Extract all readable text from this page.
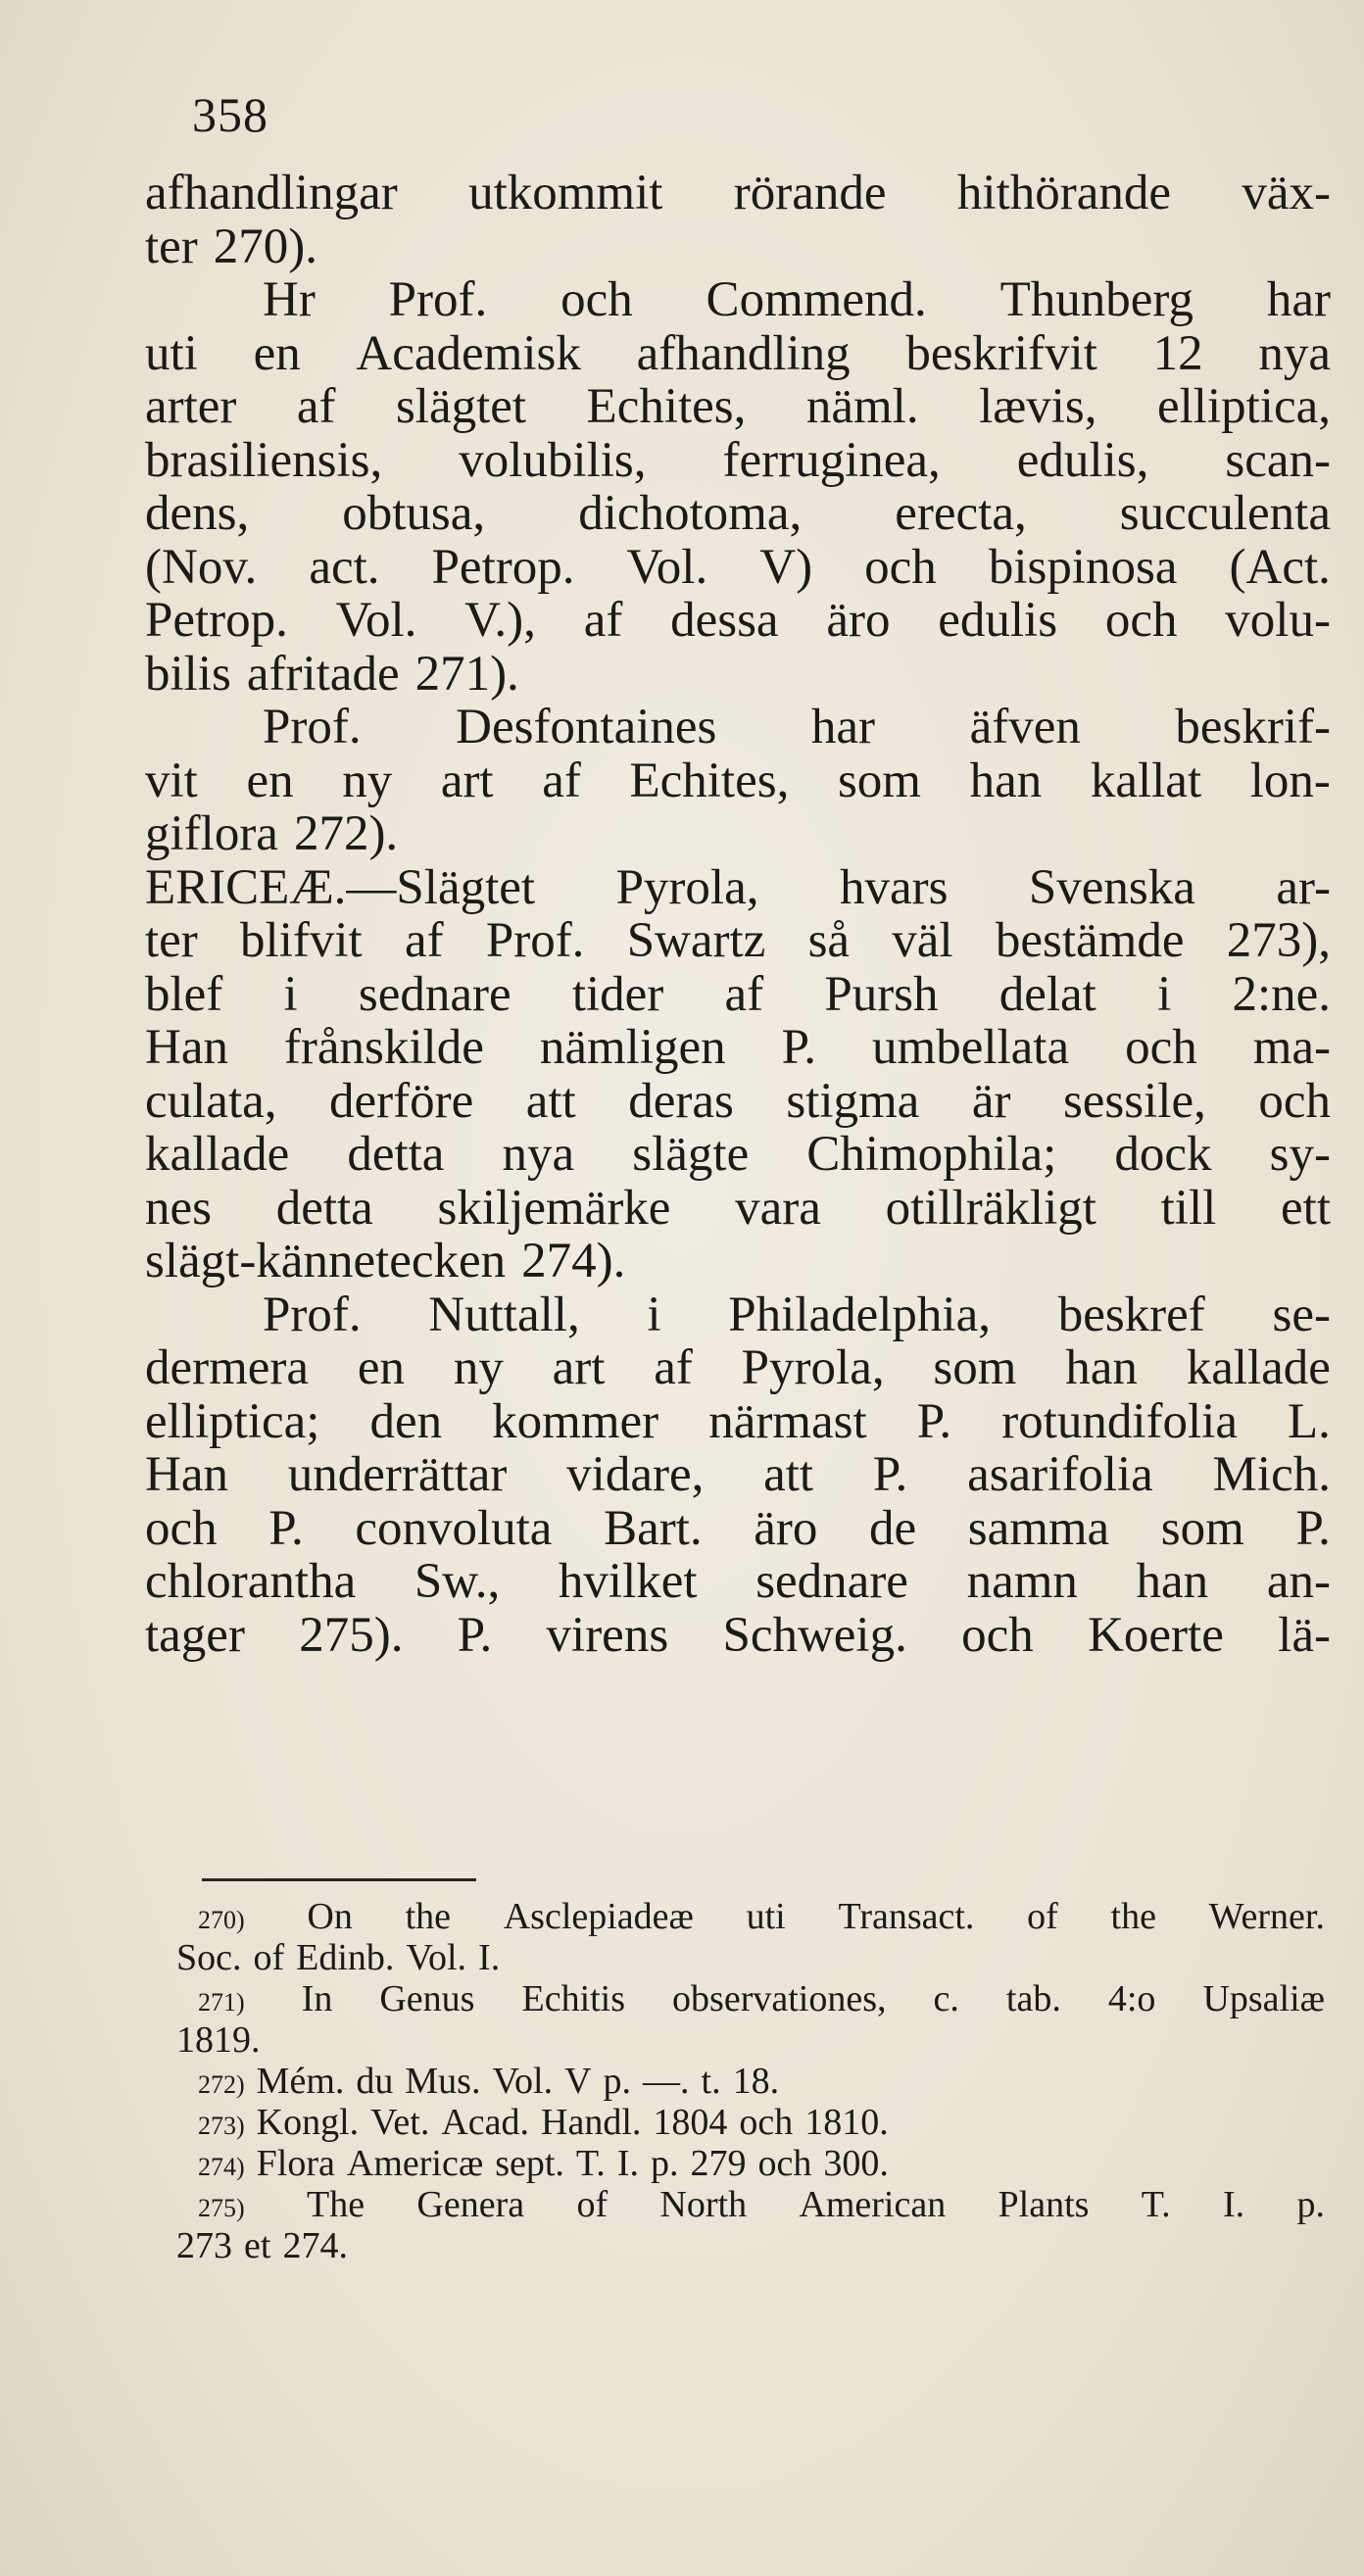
358
afhandlingar utkommit rörande hithörande väx-
ter 270).
Hr Prof. och Commend. Thunberg har
uti en Academisk afhandling beskrifvit 12 nya
arter af slägtet Echites, näml. lævis, elliptica,
brasiliensis, volubilis, ferruginea, edulis, scan-
dens, obtusa, dichotoma, erecta, succulenta
(Nov. act. Petrop. Vol. V) och bispinosa (Act.
Petrop. Vol. V.), af dessa äro edulis och volu-
bilis afritade 271).
Prof. Desfontaines har äfven beskrif-
vit en ny art af Echites, som han kallat lon-
giflora 272).
ERICEÆ.—Slägtet Pyrola, hvars Svenska ar-
ter blifvit af Prof. Swartz så väl bestämde 273),
blef i sednare tider af Pursh delat i 2:ne.
Han frånskilde nämligen P. umbellata och ma-
culata, derföre att deras stigma är sessile, och
kallade detta nya slägte Chimophila; dock sy-
nes detta skiljemärke vara otillräkligt till ett
slägt-kännetecken 274).
Prof. Nuttall, i Philadelphia, beskref se-
dermera en ny art af Pyrola, som han kallade
elliptica; den kommer närmast P. rotundifolia L.
Han underrättar vidare, att P. asarifolia Mich.
och P. convoluta Bart. äro de samma som P.
chlorantha Sw., hvilket sednare namn han an-
tager 275). P. virens Schweig. och Koerte lä-
270) On the Asclepiadeæ uti Transact. of the Werner.
Soc. of Edinb. Vol. I.
271) In Genus Echitis observationes, c. tab. 4:o Upsaliæ
1819.
272) Mém. du Mus. Vol. V p. —. t. 18.
273) Kongl. Vet. Acad. Handl. 1804 och 1810.
274) Flora Americæ sept. T. I. p. 279 och 300.
275) The Genera of North American Plants T. I. p.
273 et 274.
